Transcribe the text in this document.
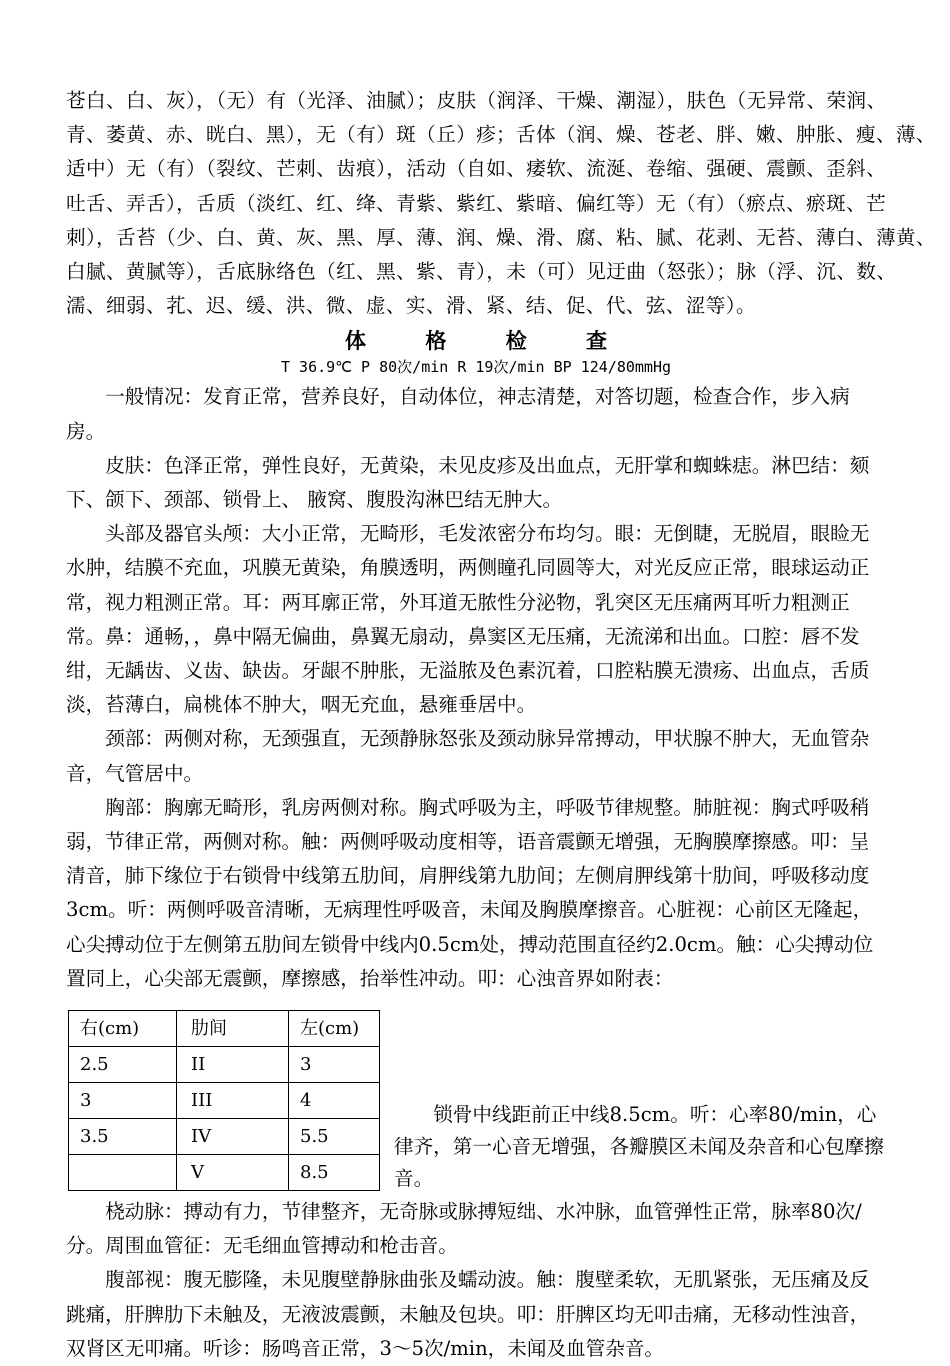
苍白、白、灰），（无）有（光泽、油腻）；皮肤（润泽、干燥、潮湿），肤色（无异常、荣润、
青、萎黄、赤、晄白、黑），无（有）斑（丘）疹；舌体（润、燥、苍老、胖、嫩、肿胀、瘦、薄、
适中）无（有）（裂纹、芒刺、齿痕），活动（自如、痿软、流涎、卷缩、强硬、震颤、歪斜、
吐舌、弄舌），舌质（淡红、红、绛、青紫、紫红、紫暗、偏红等）无（有）（瘀点、瘀斑、芒
刺），舌苔（少、白、黄、灰、黑、厚、薄、润、燥、滑、腐、粘、腻、花剥、无苔、薄白、薄黄、
白腻、黄腻等），舌底脉络色（红、黑、紫、青），未（可）见迂曲（怒张）；脉（浮、沉、数、
濡、细弱、芤、迟、缓、洪、微、虚、实、滑、紧、结、促、代、弦、涩等）。
体 格 检 查
T 36.9℃ P 80次/min R 19次/min BP 124/80mmHg

一般情况：发育正常，营养良好，自动体位，神志清楚，对答切题，检查合作，步入病房。

皮肤：色泽正常，弹性良好，无黄染，未见皮疹及出血点，无肝掌和蜘蛛痣。淋巴结：颏下、颌下、颈部、锁骨上、 腋窝、腹股沟淋巴结无肿大。

头部及器官头颅：大小正常，无畸形，毛发浓密分布均匀。眼：无倒睫，无脱眉，眼睑无水肿，结膜不充血，巩膜无黄染，角膜透明，两侧瞳孔同圆等大，对光反应正常，眼球运动正常，视力粗测正常。耳：两耳廓正常，外耳道无脓性分泌物，乳突区无压痛两耳听力粗测正常。鼻：通畅，，鼻中隔无偏曲，鼻翼无扇动，鼻窦区无压痛，无流涕和出血。口腔：唇不发绀，无龋齿、义齿、缺齿。牙龈不肿胀，无溢脓及色素沉着，口腔粘膜无溃疡、出血点，舌质淡，苔薄白，扁桃体不肿大，咽无充血，悬雍垂居中。

颈部：两侧对称，无颈强直，无颈静脉怒张及颈动脉异常搏动，甲状腺不肿大，无血管杂音，气管居中。

胸部：胸廓无畸形，乳房两侧对称。胸式呼吸为主，呼吸节律规整。肺脏视：胸式呼吸稍弱，节律正常，两侧对称。触：两侧呼吸动度相等，语音震颤无增强，无胸膜摩擦感。叩：呈清音，肺下缘位于右锁骨中线第五肋间，肩胛线第九肋间；左侧肩胛线第十肋间，呼吸移动度3cm。听：两侧呼吸音清晰，无病理性呼吸音，未闻及胸膜摩擦音。心脏视：心前区无隆起，心尖搏动位于左侧第五肋间左锁骨中线内0.5cm处，搏动范围直径约2.0cm。触：心尖搏动位置同上，心尖部无震颤，摩擦感，抬举性冲动。叩：心浊音界如附表：

右(cm)	肋间	左(cm)
2.5	II	3
3	III	4
3.5	IV	5.5
	V	8.5

锁骨中线距前正中线8.5cm。听：心率80/min，心律齐，第一心音无增强，各瓣膜区未闻及杂音和心包摩擦音。

桡动脉：搏动有力，节律整齐，无奇脉或脉搏短绌、水冲脉，血管弹性正常，脉率80次/分。周围血管征：无毛细血管搏动和枪击音。

腹部视：腹无膨隆，未见腹壁静脉曲张及蠕动波。触：腹壁柔软，无肌紧张，无压痛及反跳痛，肝脾肋下未触及，无液波震颤，未触及包块。叩：肝脾区均无叩击痛，无移动性浊音，双肾区无叩痛。听诊：肠鸣音正常，3～5次/min，未闻及血管杂音。
